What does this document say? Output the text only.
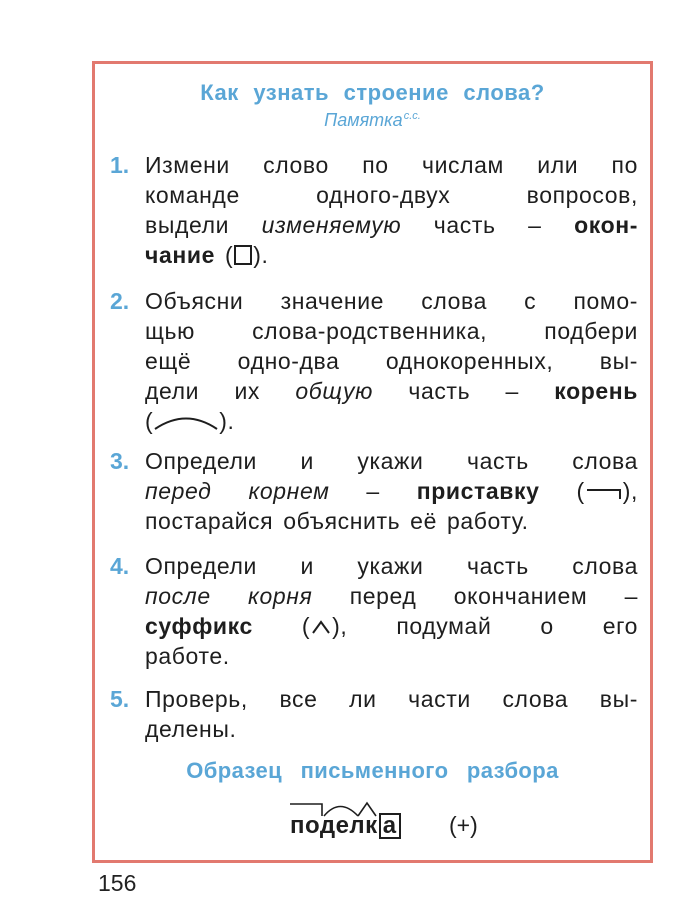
Как узнать строение слова?
Памятка$^{с.с.}$
1. Измени слово по числам или по
команде одного-двух вопросов,
выдели изменяемую часть – окон-
чание ( ).
2. Объясни значение слова с помо-
щью слова-родственника, подбери
ещё одно-два однокоренных, вы-
дели их общую часть – корень
(	).
3. Определи и укажи часть слова
перед корнем – приставку ( ),
постарайся объяснить её работу.
4. Определи и укажи часть слова
после корня перед окончанием –
суффикс ( ), подумай о его
работе.
5. Проверь, все ли части слова вы-
делены.
Образец письменного разбора
поделк а (+)
156
